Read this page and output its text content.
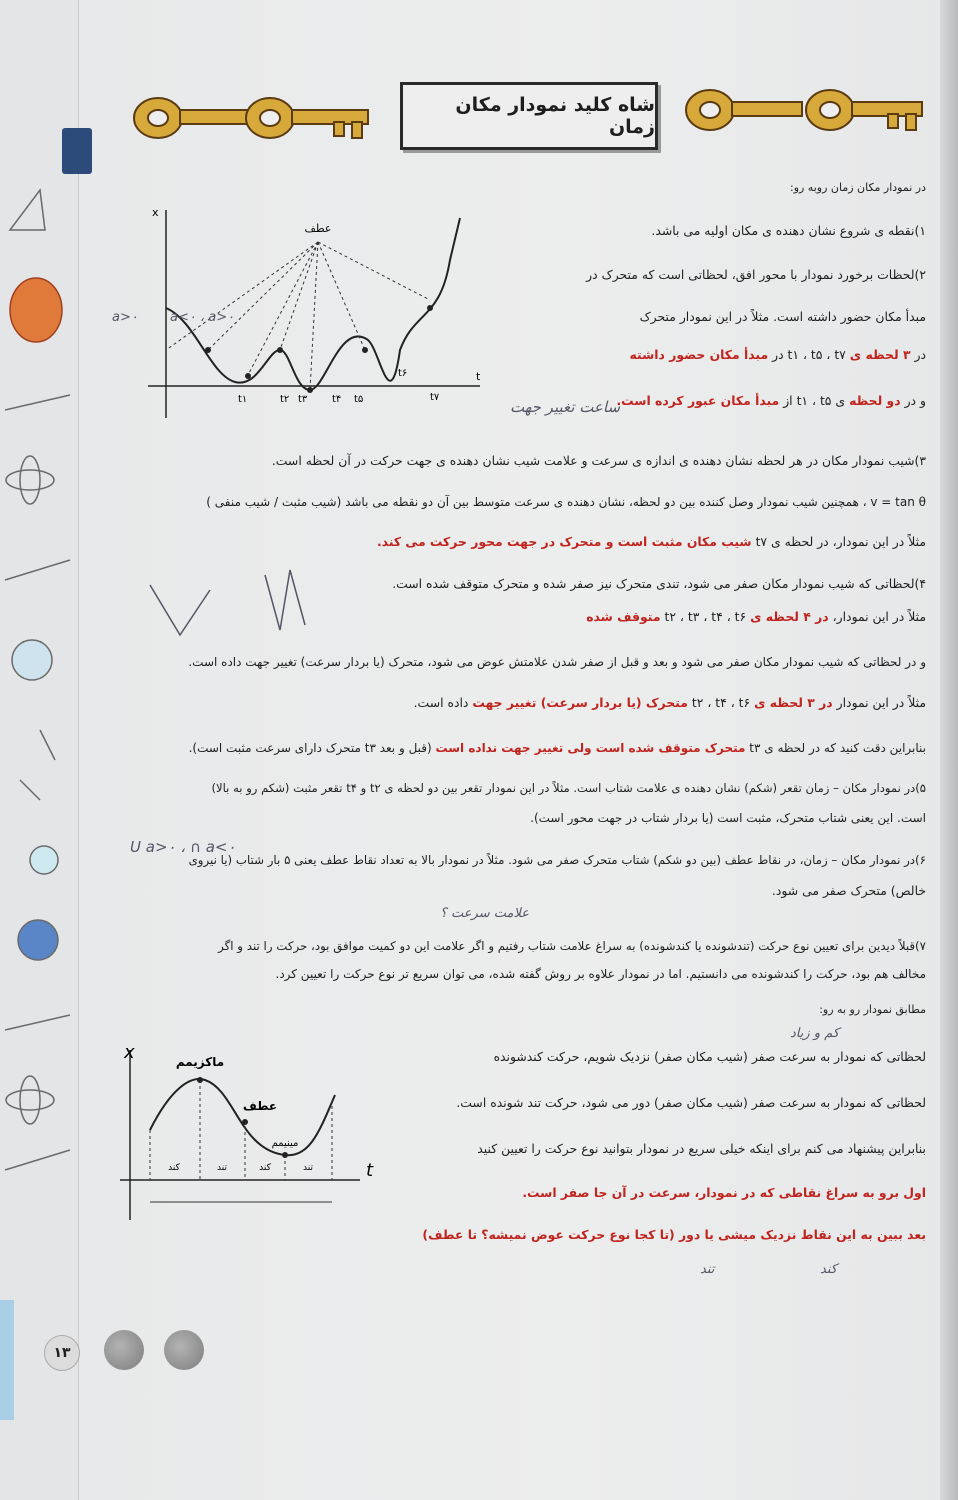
شاه کلید نمودار مکان زمان
عطف
x
t
t۱	t۲ t۳ t۴ t۵
t۶
t۷
a<۰ ، a>۰
a>۰
در نمودار مکان زمان روبه رو:
۱)نقطه ی شروع نشان دهنده ی مکان اولیه می باشد.
۲)لحظات برخورد نمودار با محور افق، لحظاتی است که متحرک در
مبدأ مکان حضور داشته است. مثلاً در این نمودار متحرک
در ۳ لحظه ی t۱ ، t۵ ، t۷ در مبدأ مکان حضور داشته
و در دو لحظه ی t۱ ، t۵ از مبدأ مکان عبور کرده است.
ساعت تغییر جهت
۳)شیب نمودار مکان در هر لحظه نشان دهنده ی اندازه ی سرعت و علامت شیب نشان دهنده ی جهت حرکت در آن لحظه است.
v = tan θ ، همچنین شیب نمودار وصل کننده بین دو لحظه، نشان دهنده ی سرعت متوسط بین آن دو نقطه می باشد (شیب مثبت / شیب منفی )
مثلاً در این نمودار، در لحظه ی t۷ شیب مکان مثبت است و متحرک در جهت محور حرکت می کند.
۴)لحظاتی که شیب نمودار مکان صفر می شود، تندی متحرک نیز صفر شده و متحرک متوقف شده است.
مثلاً در این نمودار، در ۴ لحظه ی t۲ ، t۳ ، t۴ ، t۶ متوقف شده
و در لحظاتی که شیب نمودار مکان صفر می شود و بعد و قبل از صفر شدن علامتش عوض می شود، متحرک (یا بردار سرعت) تغییر جهت داده است.
مثلاً در این نمودار در ۳ لحظه ی t۲ ، t۴ ، t۶ متحرک (یا بردار سرعت) تغییر جهت داده است.
بنابراین دقت کنید که در لحظه ی t۳ متحرک متوقف شده است ولی تغییر جهت نداده است (قبل و بعد t۳ متحرک دارای سرعت مثبت است).
۵)در نمودار مکان – زمان تقعر (شکم) نشان دهنده ی علامت شتاب است. مثلاً در این نمودار تقعر بین دو لحظه ی t۲ و t۴ تقعر مثبت (شکم رو به بالا)
است. این یعنی شتاب متحرک، مثبت است (یا بردار شتاب در جهت محور است).
U a>۰ ، ∩ a<۰
۶)در نمودار مکان – زمان، در نقاط عطف (بین دو شکم) شتاب متحرک صفر می شود. مثلاً در نمودار بالا به تعداد نقاط عطف یعنی ۵ بار شتاب (یا نیروی
خالص) متحرک صفر می شود.
علامت سرعت ؟
۷)قبلاً دیدین برای تعیین نوع حرکت (تندشونده یا کندشونده) به سراغ علامت شتاب رفتیم و اگر علامت این دو کمیت موافق بود، حرکت را تند و اگر
مخالف هم بود، حرکت را کندشونده می دانستیم. اما در نمودار علاوه بر روش گفته شده، می توان سریع تر نوع حرکت را تعیین کرد.
مطابق نمودار رو به رو:
کم و زیاد
لحظاتی که نمودار به سرعت صفر (شیب مکان صفر) نزدیک شویم، حرکت کندشونده
لحظاتی که نمودار به سرعت صفر (شیب مکان صفر) دور می شود، حرکت تند شونده است.
بنابراین پیشنهاد می کنم برای اینکه خیلی سریع در نمودار بتوانید نوع حرکت را تعیین کنید
اول برو به سراغ نقاطی که در نمودار، سرعت در آن جا صفر است.
بعد ببین به این نقاط نزدیک میشی یا دور (تا کجا نوع حرکت عوض نمیشه؟ تا عطف)
تند	کند
x
t
ماکزیمم
عطف
مینیمم
کند	تند	کند	تند
۱۳
